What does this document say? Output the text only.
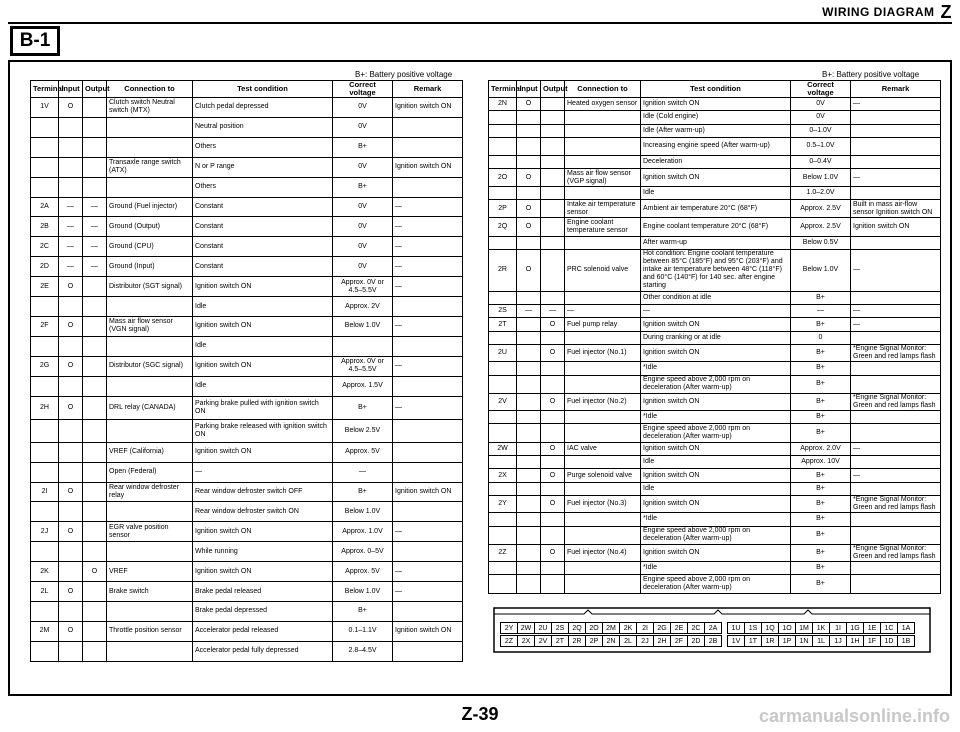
WIRING DIAGRAM Z
B-1
B+: Battery positive voltage	B+: Battery positive voltage
Terminal	Input	Output	Connection to	Test condition	Correct voltage	Remark
1V	O		Clutch switch Neutral switch (MTX)	Clutch pedal depressed	0V	Ignition switch ON
				Neutral position	0V	
				Others	B+	
			Transaxle range switch (ATX)	N or P range	0V	Ignition switch ON
				Others	B+	
2A	—	—	Ground (Fuel injector)	Constant	0V	—
2B	—	—	Ground (Output)	Constant	0V	—
2C	—	—	Ground (CPU)	Constant	0V	—
2D	—	—	Ground (Input)	Constant	0V	—
2E	O		Distributor (SGT signal)	Ignition switch ON	Approx. 0V or 4.5–5.5V	—
				Idle	Approx. 2V	
2F	O		Mass air flow sensor (VGN signal)	Ignition switch ON	Below 1.0V	—
				Idle		
2G	O		Distributor (SGC signal)	Ignition switch ON	Approx. 0V or 4.5–5.5V	—
				Idle	Approx. 1.5V	
2H	O		DRL relay (CANADA)	Parking brake pulled with ignition switch ON	B+	—
				Parking brake released with ignition switch ON	Below 2.5V	
			VREF (California)	Ignition switch ON	Approx. 5V	
			Open (Federal)	—	—	
2I	O		Rear window defroster relay	Rear window defroster switch OFF	B+	Ignition switch ON
				Rear window defroster switch ON	Below 1.0V	
2J	O		EGR valve position sensor	Ignition switch ON	Approx. 1.0V	—
				While running	Approx. 0–5V	
2K		O	VREF	Ignition switch ON	Approx. 5V	—
2L	O		Brake switch	Brake pedal released	Below 1.0V	—
				Brake pedal depressed	B+	
2M	O		Throttle position sensor	Accelerator pedal released	0.1–1.1V	Ignition switch ON
				Accelerator pedal fully depressed	2.8–4.5V	
Terminal	Input	Output	Connection to	Test condition	Correct voltage	Remark
2N	O		Heated oxygen sensor	Ignition switch ON	0V	—
				Idle (Cold engine)	0V	
				Idle (After warm-up)	0–1.0V	
				Increasing engine speed (After warm-up)	0.5–1.0V	
				Deceleration	0–0.4V	
2O	O		Mass air flow sensor (VGP signal)	Ignition switch ON	Below 1.0V	—
				Idle	1.0–2.0V	
2P	O		Intake air temperature sensor	Ambient air temperature 20°C (68°F)	Approx. 2.5V	Built in mass air-flow sensor Ignition switch ON
2Q	O		Engine coolant temperature sensor	Engine coolant temperature 20°C (68°F)	Approx. 2.5V	Ignition switch ON
				After warm-up	Below 0.5V	
2R	O		PRC solenoid valve	Hot condition: Engine coolant temperature between 85°C (185°F) and 95°C (203°F) and intake air temperature between 48°C (118°F) and 60°C (140°F) for 140 sec. after engine starting	Below 1.0V	—
				Other condition at idle	B+	
2S	—	—	—	—	—	—
2T		O	Fuel pump relay	Ignition switch ON	B+	—
				During cranking or at idle	0	
2U		O	Fuel injector (No.1)	Ignition switch ON	B+	*Engine Signal Monitor: Green and red lamps flash
				*Idle	B+	
				Engine speed above 2,000 rpm on deceleration (After warm-up)	B+	
2V		O	Fuel injector (No.2)	Ignition switch ON	B+	*Engine Signal Monitor: Green and red lamps flash
				*Idle	B+	
				Engine speed above 2,000 rpm on deceleration (After warm-up)	B+	
2W		O	IAC valve	Ignition switch ON	Approx. 2.0V	—
				Idle	Approx. 10V	
2X		O	Purge solenoid valve	Ignition switch ON	B+	—
				Idle	B+	
2Y		O	Fuel injector (No.3)	Ignition switch ON	B+	*Engine Signal Monitor: Green and red lamps flash
				*Idle	B+	
				Engine speed above 2,000 rpm on deceleration (After warm-up)	B+	
2Z		O	Fuel injector (No.4)	Ignition switch ON	B+	*Engine Signal Monitor: Green and red lamps flash
				*Idle	B+	
				Engine speed above 2,000 rpm on deceleration (After warm-up)	B+	
2Y	2W	2U	2S	2Q	2O	2M	2K	2I	2G	2E	2C	2A	1U	1S	1Q	1O	1M	1K	1I	1G	1E	1C	1A
2Z	2X	2V	2T	2R	2P	2N	2L	2J	2H	2F	2D	2B	1V	1T	1R	1P	1N	1L	1J	1H	1F	1D	1B
Z-39	carmanualsonline.info
